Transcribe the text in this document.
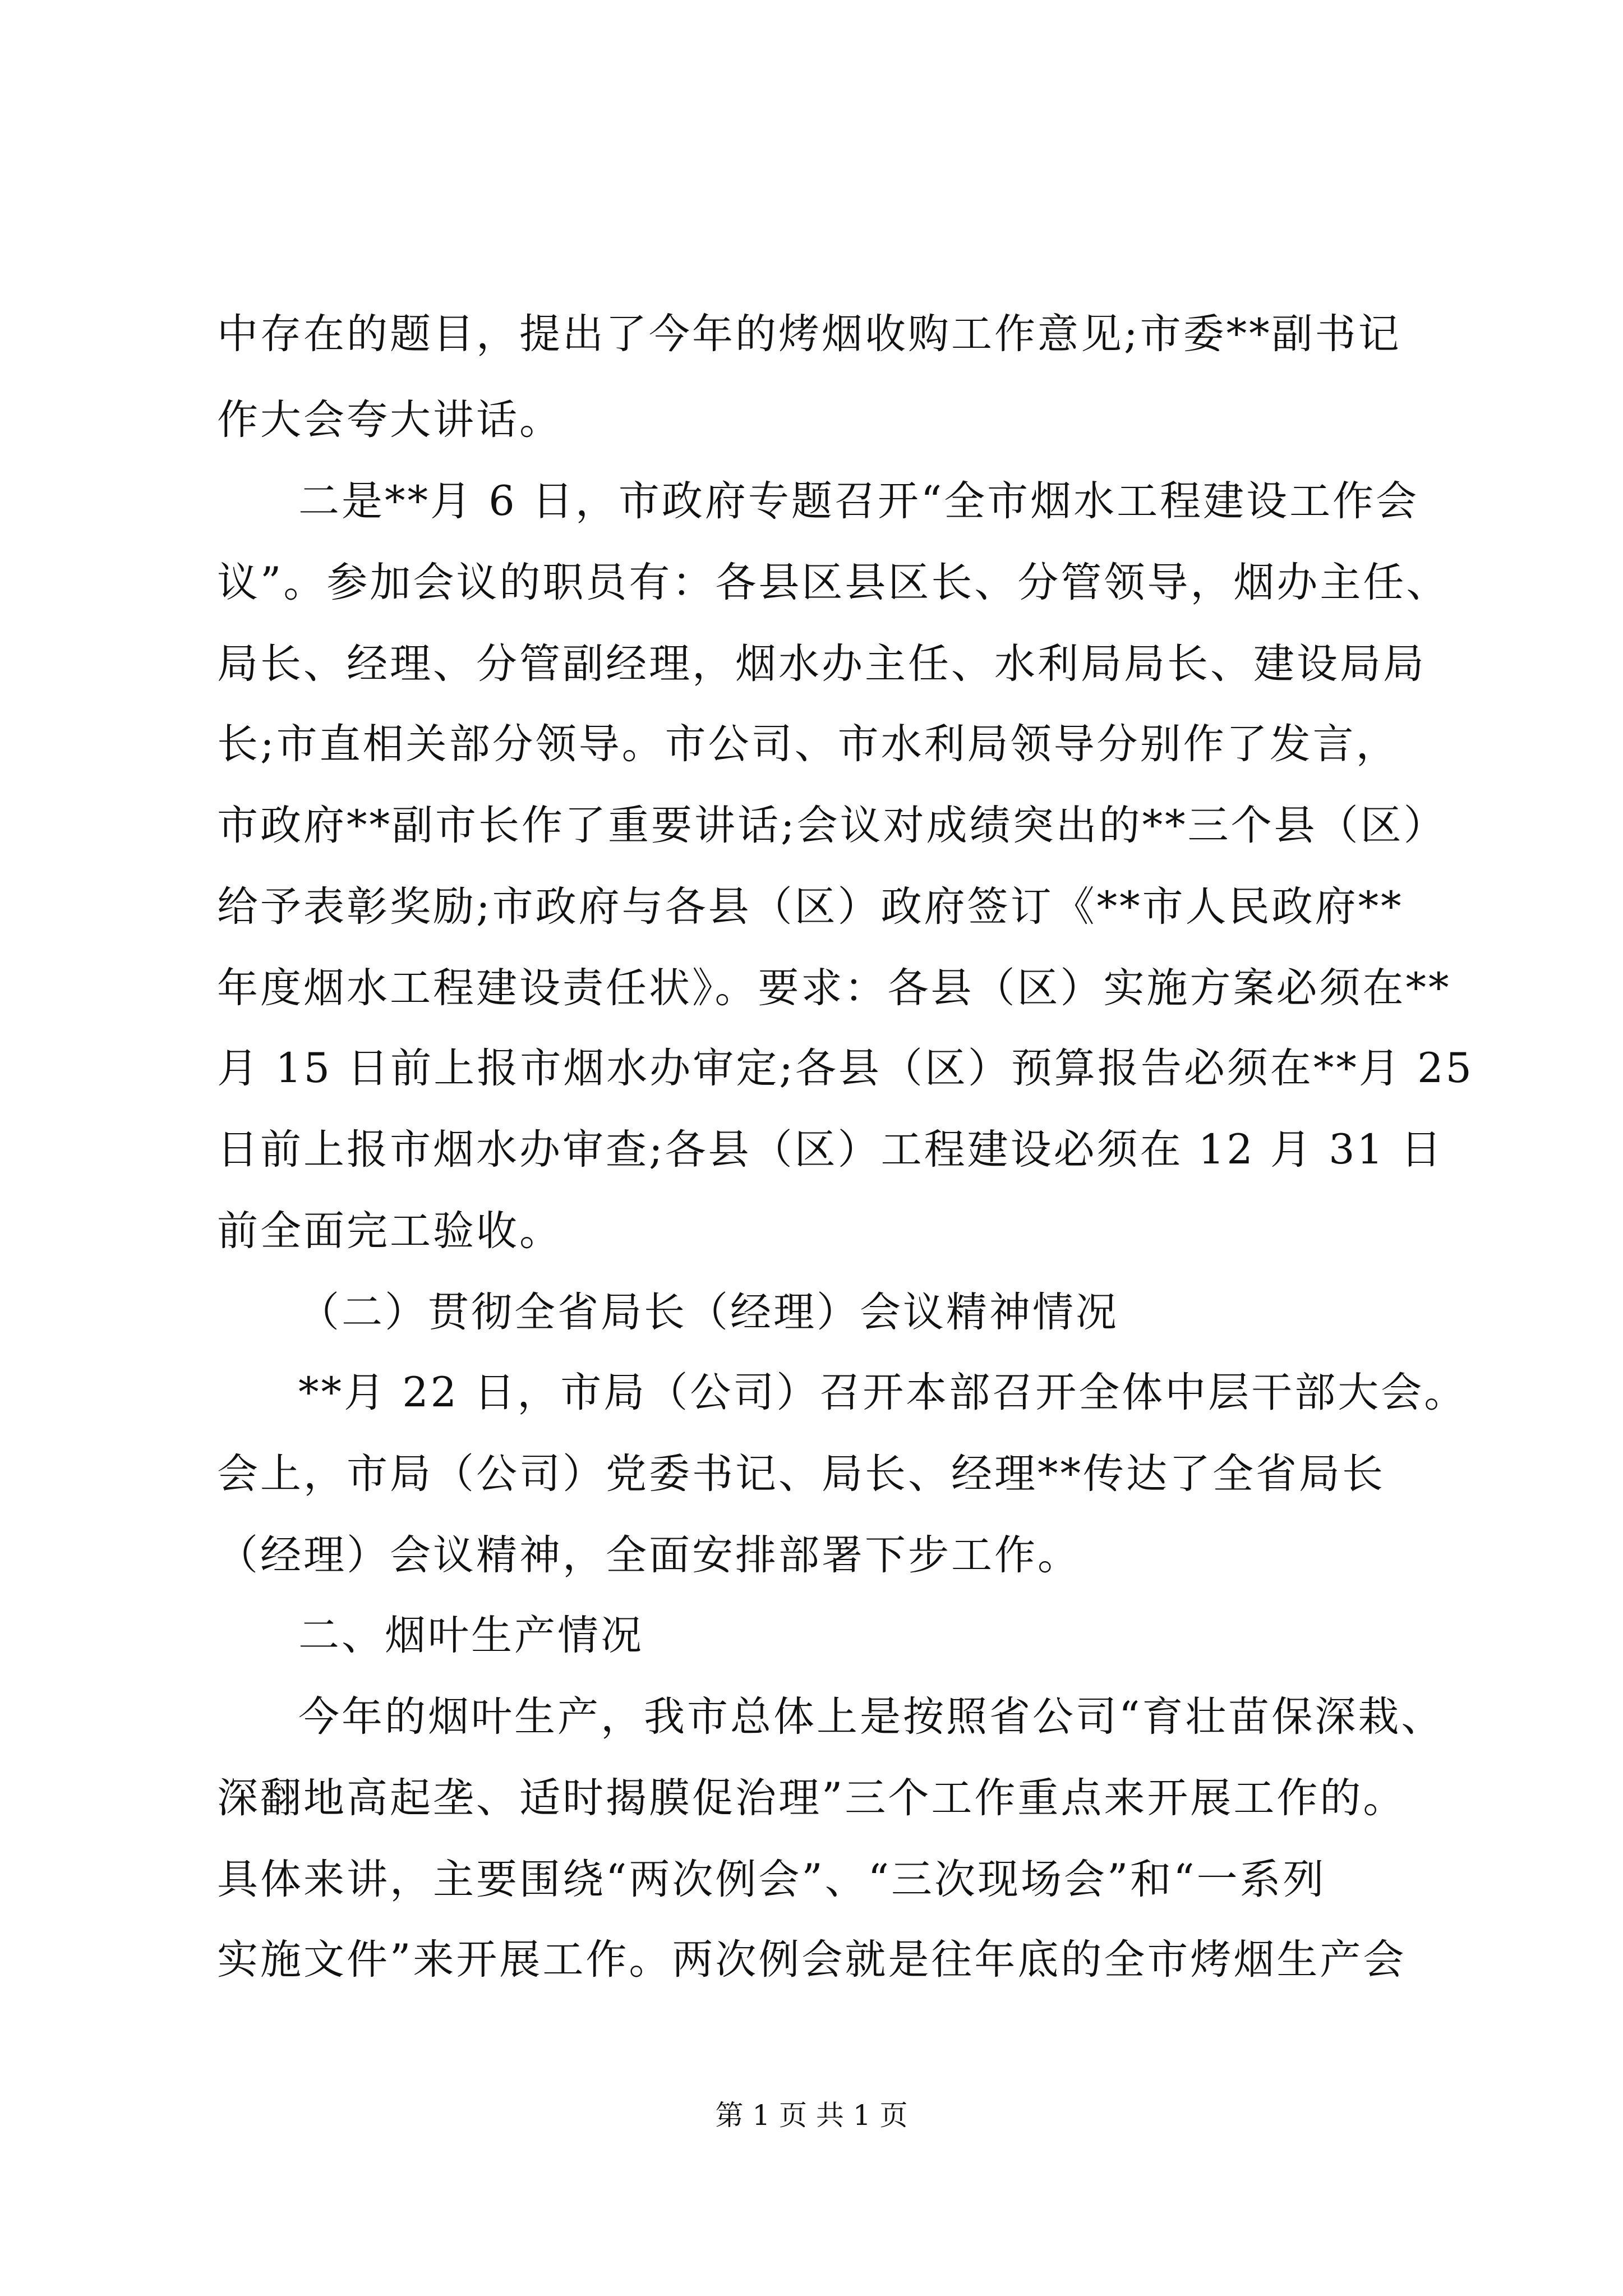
中存在的题目，提出了今年的烤烟收购工作意见;市委**副书记
作大会夸大讲话。
二是**月 6 日，市政府专题召开“全市烟水工程建设工作会
议”。参加会议的职员有：各县区县区长、分管领导，烟办主任、
局长、经理、分管副经理，烟水办主任、水利局局长、建设局局
长;市直相关部分领导。市公司、市水利局领导分别作了发言，
市政府**副市长作了重要讲话;会议对成绩突出的**三个县（区）
给予表彰奖励;市政府与各县（区）政府签订《**市人民政府**
年度烟水工程建设责任状》。要求：各县（区）实施方案必须在**
月 15 日前上报市烟水办审定;各县（区）预算报告必须在**月 25
日前上报市烟水办审查;各县（区）工程建设必须在 12 月 31 日
前全面完工验收。
（二）贯彻全省局长（经理）会议精神情况
**月 22 日，市局（公司）召开本部召开全体中层干部大会。
会上，市局（公司）党委书记、局长、经理**传达了全省局长
（经理）会议精神，全面安排部署下步工作。
二、烟叶生产情况
今年的烟叶生产，我市总体上是按照省公司“育壮苗保深栽、
深翻地高起垄、适时揭膜促治理”三个工作重点来开展工作的。
具体来讲，主要围绕“两次例会”、“三次现场会”和“一系列
实施文件”来开展工作。两次例会就是往年底的全市烤烟生产会
第 1 页 共 1 页
